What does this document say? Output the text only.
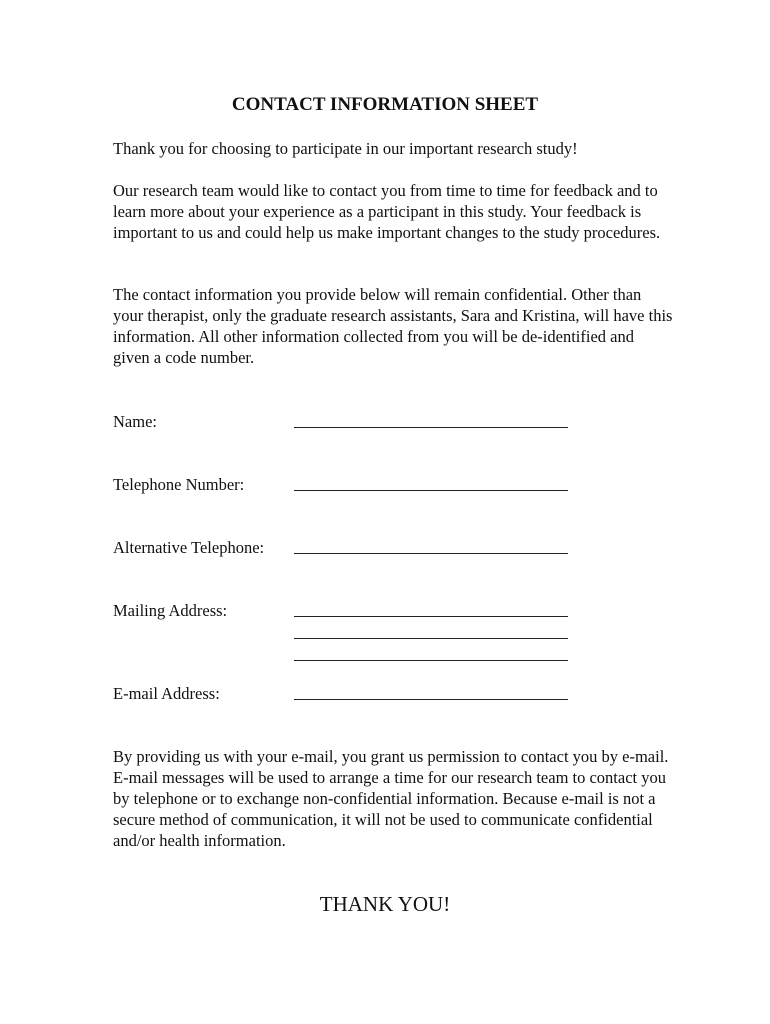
CONTACT INFORMATION SHEET

Thank you for choosing to participate in our important research study!

Our research team would like to contact you from time to time for feedback and to learn more about your experience as a participant in this study. Your feedback is important to us and could help us make important changes to the study procedures.

The contact information you provide below will remain confidential. Other than your therapist, only the graduate research assistants, Sara and Kristina, will have this information. All other information collected from you will be de-identified and given a code number.

Name:

Telephone Number:

Alternative Telephone:

Mailing Address:

E-mail Address:

By providing us with your e-mail, you grant us permission to contact you by e-mail. E-mail messages will be used to arrange a time for our research team to contact you by telephone or to exchange non-confidential information. Because e-mail is not a secure method of communication, it will not be used to communicate confidential and/or health information.

THANK YOU!
